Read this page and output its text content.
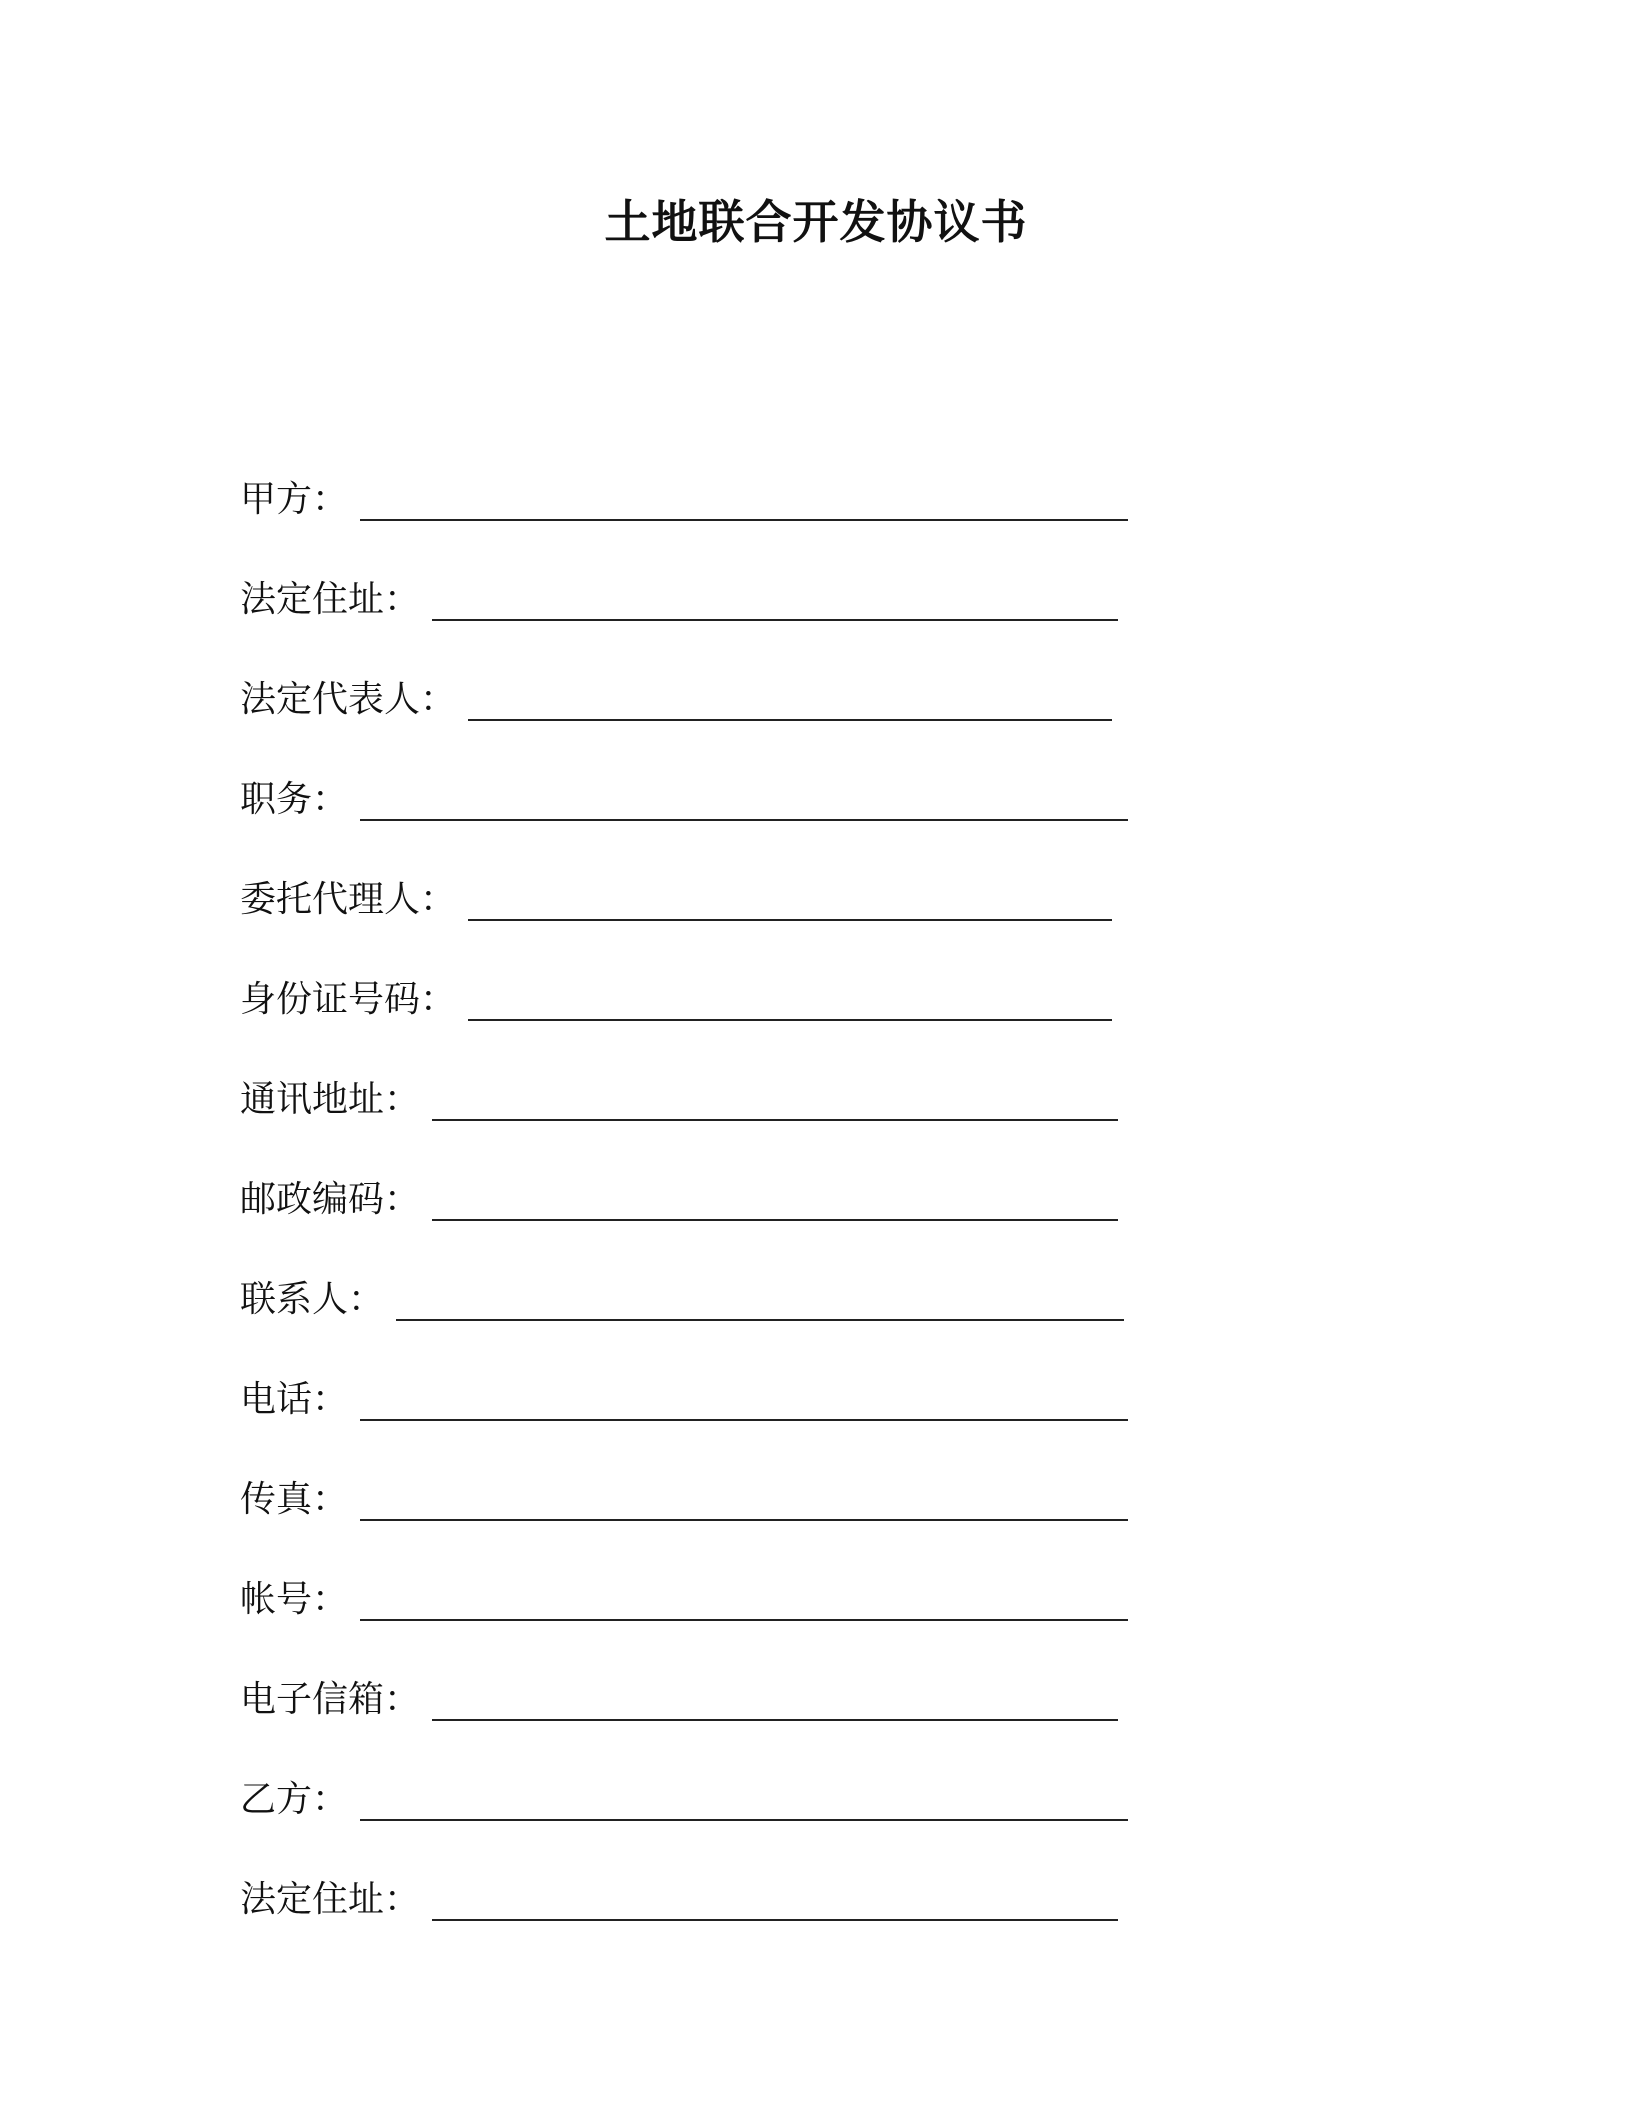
土地联合开发协议书
甲方：
法定住址：
法定代表人：
职务：
委托代理人：
身份证号码：
通讯地址：
邮政编码：
联系人：
电话：
传真：
帐号：
电子信箱：
乙方：
法定住址：
